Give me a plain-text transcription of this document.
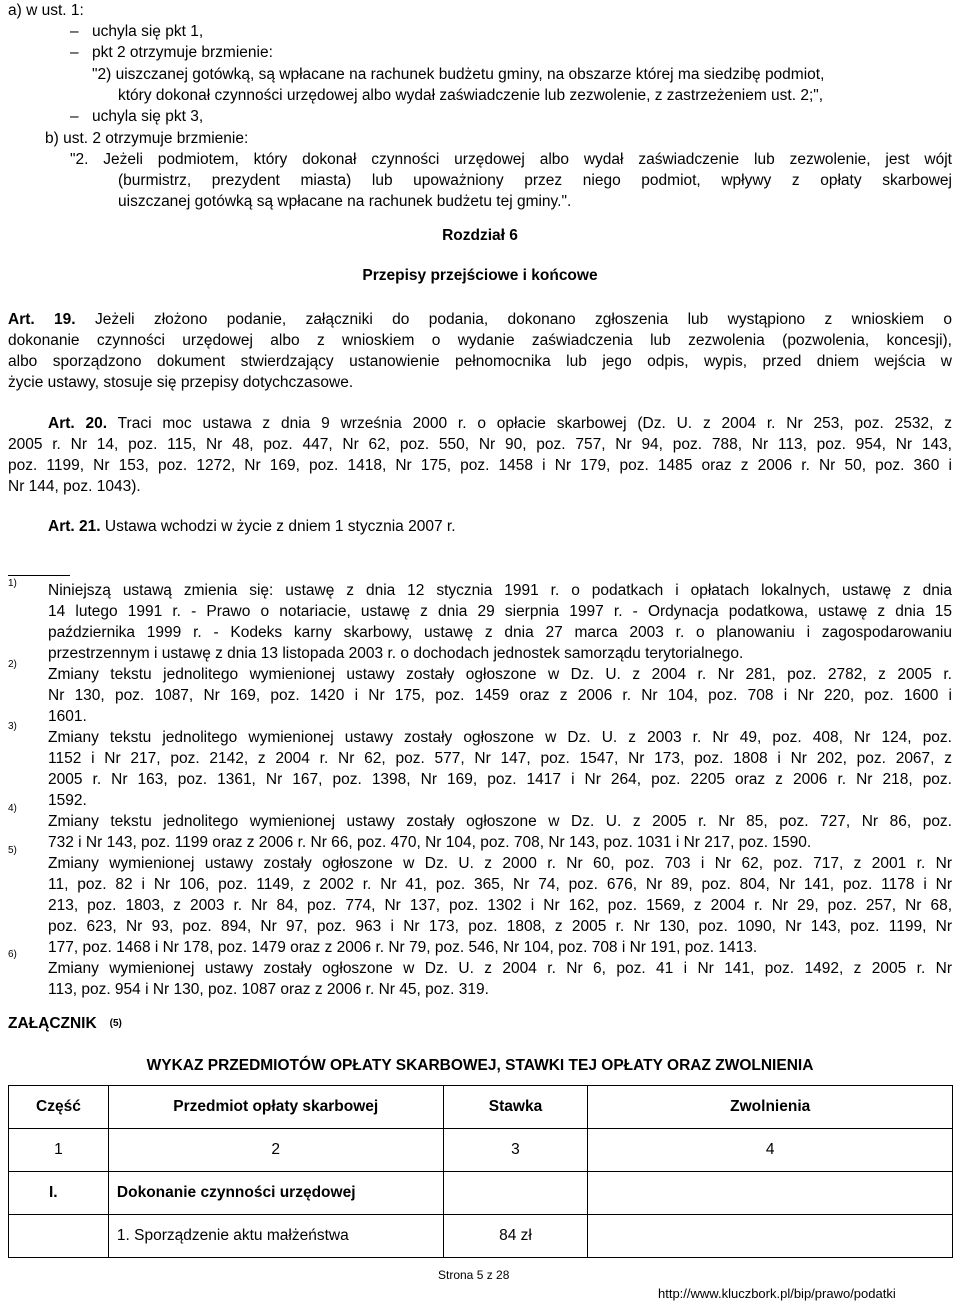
a) w ust. 1:
– uchyla się pkt 1,
– pkt 2 otrzymuje brzmienie:
"2) uiszczanej gotówką, są wpłacane na rachunek budżetu gminy, na obszarze której ma siedzibę podmiot,
który dokonał czynności urzędowej albo wydał zaświadczenie lub zezwolenie, z zastrzeżeniem ust. 2;",
– uchyla się pkt 3,
b) ust. 2 otrzymuje brzmienie:
"2. Jeżeli podmiotem, który dokonał czynności urzędowej albo wydał zaświadczenie lub zezwolenie, jest wójt
(burmistrz, prezydent miasta) lub upoważniony przez niego podmiot, wpływy z opłaty skarbowej
uiszczanej gotówką są wpłacane na rachunek budżetu tej gminy.".
Rozdział 6
Przepisy przejściowe i końcowe
Art. 19. Jeżeli złożono podanie, załączniki do podania, dokonano zgłoszenia lub wystąpiono z wnioskiem o
dokonanie czynności urzędowej albo z wnioskiem o wydanie zaświadczenia lub zezwolenia (pozwolenia, koncesji),
albo sporządzono dokument stwierdzający ustanowienie pełnomocnika lub jego odpis, wypis, przed dniem wejścia w
życie ustawy, stosuje się przepisy dotychczasowe.
Art. 20. Traci moc ustawa z dnia 9 września 2000 r. o opłacie skarbowej (Dz. U. z 2004 r. Nr 253, poz. 2532, z
2005 r. Nr 14, poz. 115, Nr 48, poz. 447, Nr 62, poz. 550, Nr 90, poz. 757, Nr 94, poz. 788, Nr 113, poz. 954, Nr 143,
poz. 1199, Nr 153, poz. 1272, Nr 169, poz. 1418, Nr 175, poz. 1458 i Nr 179, poz. 1485 oraz z 2006 r. Nr 50, poz. 360 i
Nr 144, poz. 1043).
Art. 21. Ustawa wchodzi w życie z dniem 1 stycznia 2007 r.
1)
2)
3)
4)
5)
6)
Niniejszą ustawą zmienia się: ustawę z dnia 12 stycznia 1991 r. o podatkach i opłatach lokalnych, ustawę z dnia
14 lutego 1991 r. - Prawo o notariacie, ustawę z dnia 29 sierpnia 1997 r. - Ordynacja podatkowa, ustawę z dnia 15
października 1999 r. - Kodeks karny skarbowy, ustawę z dnia 27 marca 2003 r. o planowaniu i zagospodarowaniu
przestrzennym i ustawę z dnia 13 listopada 2003 r. o dochodach jednostek samorządu terytorialnego.
Zmiany tekstu jednolitego wymienionej ustawy zostały ogłoszone w Dz. U. z 2004 r. Nr 281, poz. 2782, z 2005 r.
Nr 130, poz. 1087, Nr 169, poz. 1420 i Nr 175, poz. 1459 oraz z 2006 r. Nr 104, poz. 708 i Nr 220, poz. 1600 i
1601.
Zmiany tekstu jednolitego wymienionej ustawy zostały ogłoszone w Dz. U. z 2003 r. Nr 49, poz. 408, Nr 124, poz.
1152 i Nr 217, poz. 2142, z 2004 r. Nr 62, poz. 577, Nr 147, poz. 1547, Nr 173, poz. 1808 i Nr 202, poz. 2067, z
2005 r. Nr 163, poz. 1361, Nr 167, poz. 1398, Nr 169, poz. 1417 i Nr 264, poz. 2205 oraz z 2006 r. Nr 218, poz.
1592.
Zmiany tekstu jednolitego wymienionej ustawy zostały ogłoszone w Dz. U. z 2005 r. Nr 85, poz. 727, Nr 86, poz.
732 i Nr 143, poz. 1199 oraz z 2006 r. Nr 66, poz. 470, Nr 104, poz. 708, Nr 143, poz. 1031 i Nr 217, poz. 1590.
Zmiany wymienionej ustawy zostały ogłoszone w Dz. U. z 2000 r. Nr 60, poz. 703 i Nr 62, poz. 717, z 2001 r. Nr
11, poz. 82 i Nr 106, poz. 1149, z 2002 r. Nr 41, poz. 365, Nr 74, poz. 676, Nr 89, poz. 804, Nr 141, poz. 1178 i Nr
213, poz. 1803, z 2003 r. Nr 84, poz. 774, Nr 137, poz. 1302 i Nr 162, poz. 1569, z 2004 r. Nr 29, poz. 257, Nr 68,
poz. 623, Nr 93, poz. 894, Nr 97, poz. 963 i Nr 173, poz. 1808, z 2005 r. Nr 130, poz. 1090, Nr 143, poz. 1199, Nr
177, poz. 1468 i Nr 178, poz. 1479 oraz z 2006 r. Nr 79, poz. 546, Nr 104, poz. 708 i Nr 191, poz. 1413.
Zmiany wymienionej ustawy zostały ogłoszone w Dz. U. z 2004 r. Nr 6, poz. 41 i Nr 141, poz. 1492, z 2005 r. Nr
113, poz. 954 i Nr 130, poz. 1087 oraz z 2006 r. Nr 45, poz. 319.
ZAŁĄCZNIK $^{(5)}$
WYKAZ PRZEDMIOTÓW OPŁATY SKARBOWEJ, STAWKI TEJ OPŁATY ORAZ ZWOLNIENIA
Część	Przedmiot opłaty skarbowej	Stawka	Zwolnienia
1	2	3	4
I.	Dokonanie czynności urzędowej		
	1. Sporządzenie aktu małżeństwa	84 zł	
Strona 5 z 28
http://www.kluczbork.pl/bip/prawo/podatki
